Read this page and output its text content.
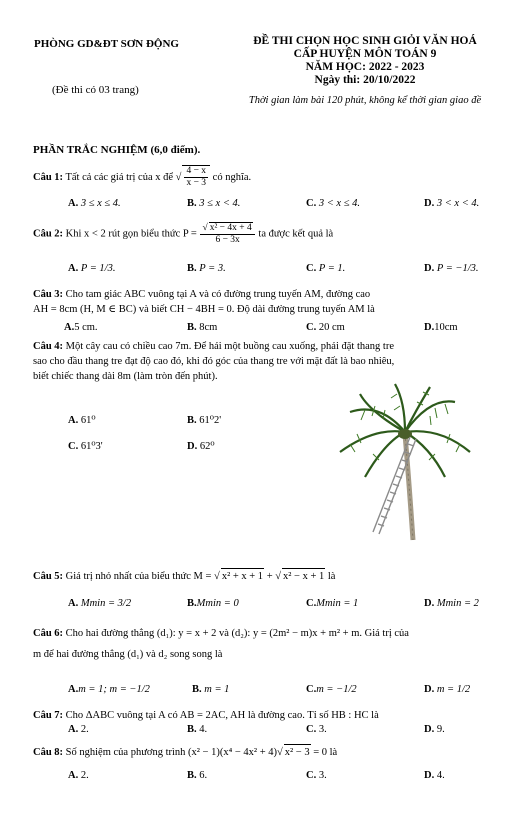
PHÒNG GD&ĐT SƠN ĐỘNG
(Đề thi có 03 trang)
ĐỀ THI CHỌN HỌC SINH GIỎI VĂN HOÁ
CẤP HUYỆN MÔN TOÁN 9
NĂM HỌC: 2022 - 2023
Ngày thi: 20/10/2022
Thời gian làm bài 120 phút, không kể thời gian giao đề
PHẦN TRẮC NGHIỆM (6,0 điểm).
Câu 1: Tất cả các giá trị của x để √ $\frac{4 - x}{x - 3}$ có nghĩa.
A. 3 ≤ x ≤ 4.	B. 3 ≤ x < 4.	C. 3 < x ≤ 4.	D. 3 < x < 4.
Câu 2: Khi x < 2 rút gọn biểu thức P = √ $\frac{\text{x² − 4x + 4}}{6 - 3x}$ ta được kết quả là
A. P = 1/3.	B. P = 3.	C. P = 1.	D. P = −1/3.
Câu 3: Cho tam giác ABC vuông tại A và có đường trung tuyến AM, đường cao
AH = 8cm (H, M ∈ BC) và biết CH − 4BH = 0. Độ dài đường trung tuyến AM là
A.5 cm.	B. 8cm	C. 20 cm	D.10cm
Câu 4: Một cây cau có chiều cao 7m. Để hái một buồng cau xuống, phải đặt thang tre
sao cho đầu thang tre đạt độ cao đó, khi đó góc của thang tre với mặt đất là bao nhiêu,
biết chiếc thang dài 8m (làm tròn đến phút).
A. 61⁰	B. 61⁰2'
C. 61⁰3'	D. 62⁰
Câu 5: Giá trị nhỏ nhất của biểu thức M = √ x² + x + 1 + √ x² − x + 1 là
A. Mmin = 3/2	B.Mmin = 0	C.Mmin = 1	D. Mmin = 2
Câu 6: Cho hai đường thẳng (d₁): y = x + 2 và (d₂): y = (2m² − m)x + m² + m. Giá trị của
m để hai đường thẳng (d₁) và d₂ song song là
A.m = 1; m = −1/2	B. m = 1	C.m = −1/2	D. m = 1/2
Câu 7: Cho ΔABC vuông tại A có AB = 2AC, AH là đường cao. Tỉ số HB : HC là
A. 2.	B. 4.	C. 3.	D. 9.
Câu 8: Số nghiệm của phương trình (x² − 1)(x⁴ − 4x² + 4) √ x² − 3 = 0 là
A. 2.	B. 6.	C. 3.	D. 4.
